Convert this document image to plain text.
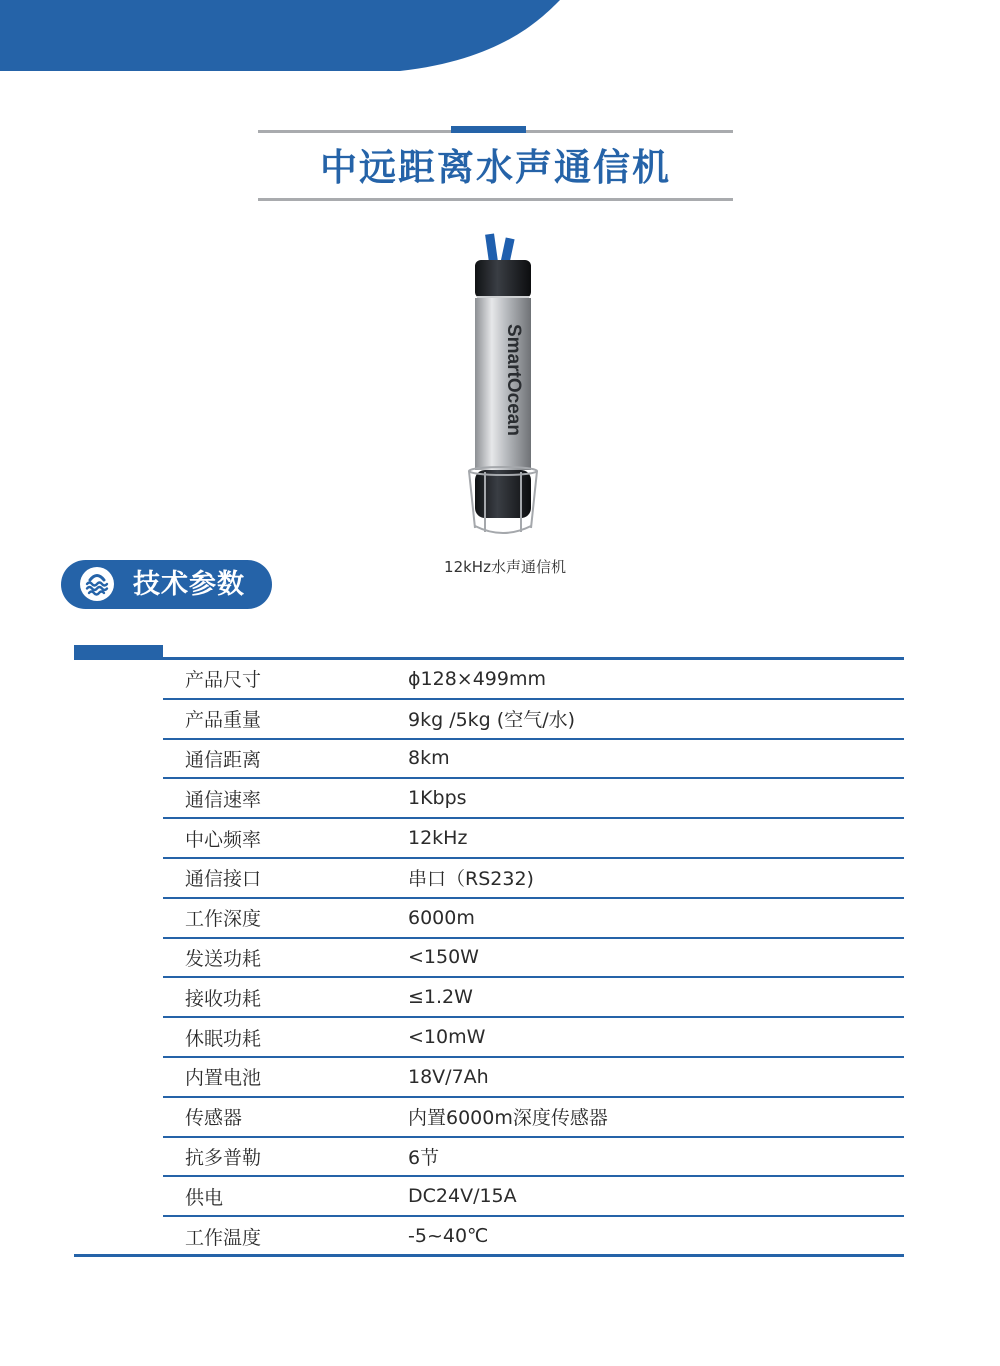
中远距离水声通信机
SmartOcean
12kHz水声通信机
技术参数
产品尺寸	ϕ128×499mm
产品重量	9kg /5kg (空气/水)
通信距离	8km
通信速率	1Kbps
中心频率	12kHz
通信接口	串口（RS232)
工作深度	6000m
发送功耗	<150W
接收功耗	≤1.2W
休眠功耗	<10mW
内置电池	18V/7Ah
传感器	内置6000m深度传感器
抗多普勒	6节
供电	DC24V/15A
工作温度	-5~40℃
